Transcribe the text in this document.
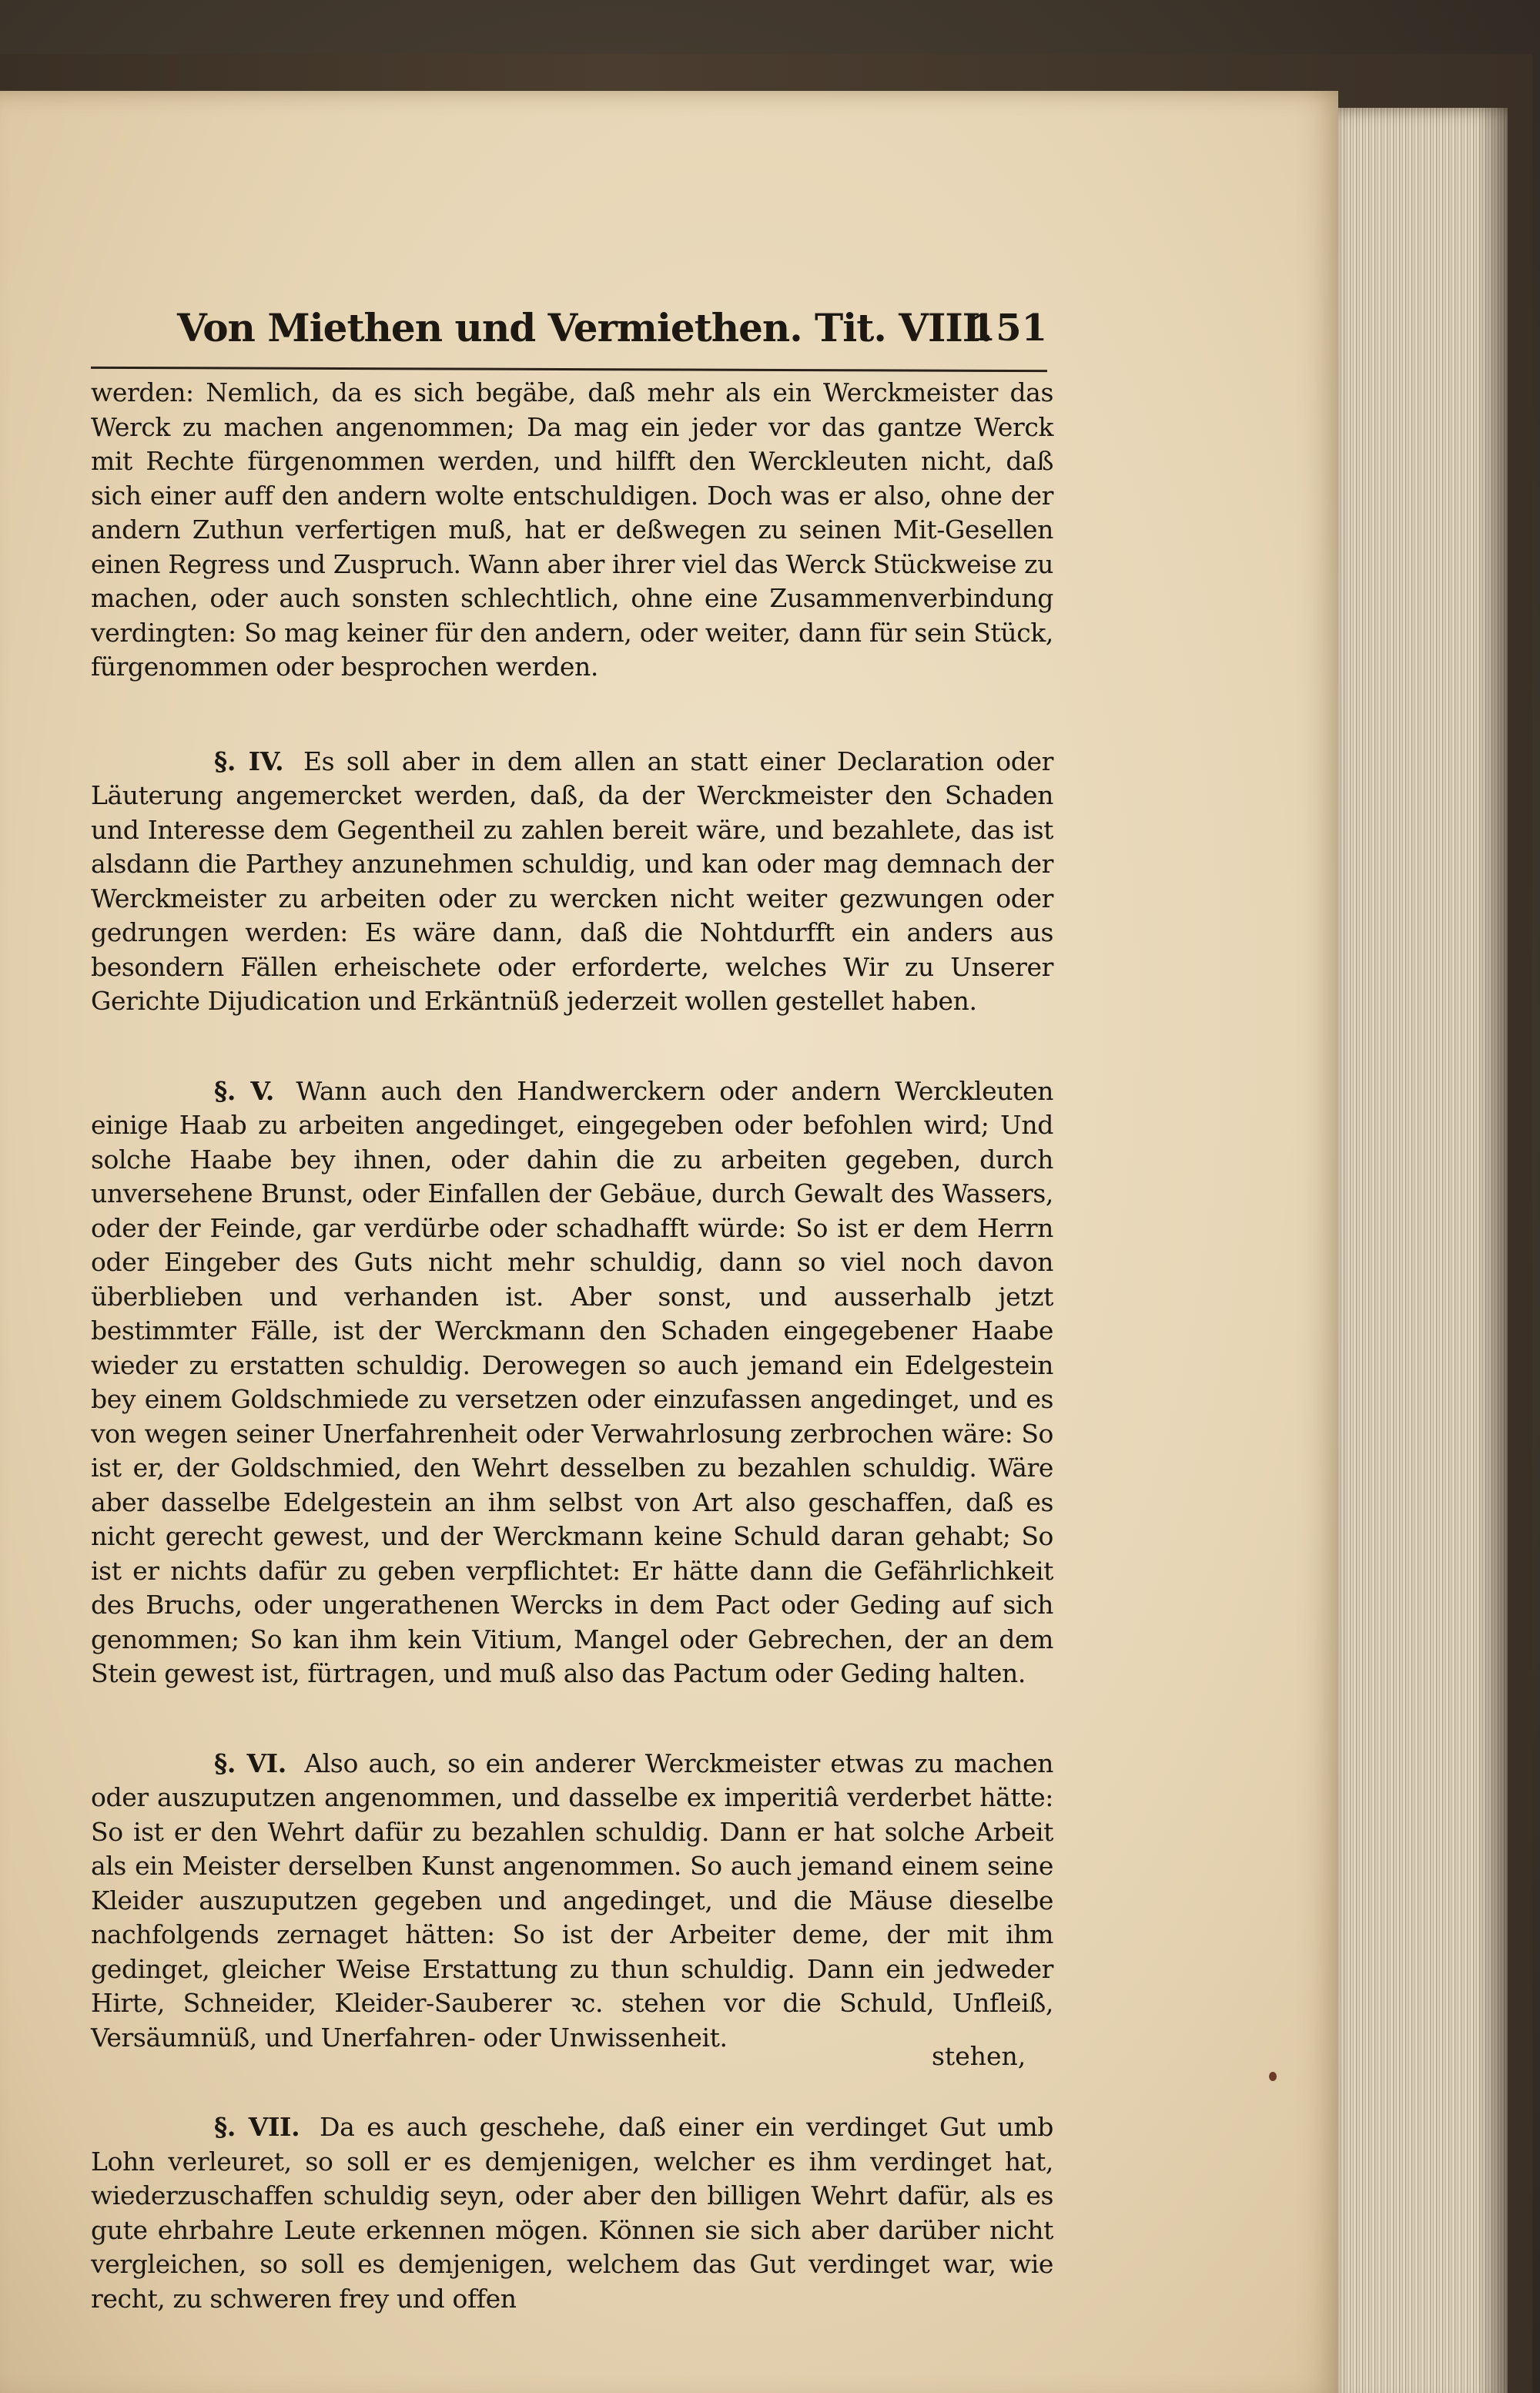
Von Miethen und Vermiethen. Tit. VIII.
151

werden: Nemlich, da es sich begäbe, daß mehr als ein Werckmeister das Werck zu machen angenommen; Da mag ein jeder vor das gantze Werck mit Rechte fürgenommen werden, und hilfft den Werckleuten nicht, daß sich einer auff den andern wolte entschuldigen. Doch was er also, ohne der andern Zuthun verfertigen muß, hat er deßwegen zu seinen Mit-Gesellen einen Regress und Zuspruch. Wann aber ihrer viel das Werck Stückweise zu machen, oder auch sonsten schlechtlich, ohne eine Zusammenverbindung verdingten: So mag keiner für den andern, oder weiter, dann für sein Stück, fürgenommen oder besprochen werden.

§. IV. Es soll aber in dem allen an statt einer Declaration oder Läuterung angemercket werden, daß, da der Werckmeister den Schaden und Interesse dem Gegentheil zu zahlen bereit wäre, und bezahlete, das ist alsdann die Parthey anzunehmen schuldig, und kan oder mag demnach der Werckmeister zu arbeiten oder zu wercken nicht weiter gezwungen oder gedrungen werden: Es wäre dann, daß die Nohtdurfft ein anders aus besondern Fällen erheischete oder erforderte, welches Wir zu Unserer Gerichte Dijudication und Erkäntnüß jederzeit wollen gestellet haben.

§. V. Wann auch den Handwerckern oder andern Werckleuten einige Haab zu arbeiten angedinget, eingegeben oder befohlen wird; Und solche Haabe bey ihnen, oder dahin die zu arbeiten gegeben, durch unversehene Brunst, oder Einfallen der Gebäue, durch Gewalt des Wassers, oder der Feinde, gar verdürbe oder schadhafft würde: So ist er dem Herrn oder Eingeber des Guts nicht mehr schuldig, dann so viel noch davon überblieben und verhanden ist. Aber sonst, und ausserhalb jetzt bestimmter Fälle, ist der Werckmann den Schaden eingegebener Haabe wieder zu erstatten schuldig. Derowegen so auch jemand ein Edelgestein bey einem Goldschmiede zu versetzen oder einzufassen angedinget, und es von wegen seiner Unerfahrenheit oder Verwahrlosung zerbrochen wäre: So ist er, der Goldschmied, den Wehrt desselben zu bezahlen schuldig. Wäre aber dasselbe Edelgestein an ihm selbst von Art also geschaffen, daß es nicht gerecht gewest, und der Werckmann keine Schuld daran gehabt; So ist er nichts dafür zu geben verpflichtet: Er hätte dann die Gefährlichkeit des Bruchs, oder ungerathenen Wercks in dem Pact oder Geding auf sich genommen; So kan ihm kein Vitium, Mangel oder Gebrechen, der an dem Stein gewest ist, fürtragen, und muß also das Pactum oder Geding halten.

§. VI. Also auch, so ein anderer Werckmeister etwas zu machen oder auszuputzen angenommen, und dasselbe ex imperitiâ verderbet hätte: So ist er den Wehrt dafür zu bezahlen schuldig. Dann er hat solche Arbeit als ein Meister derselben Kunst angenommen. So auch jemand einem seine Kleider auszuputzen gegeben und angedinget, und die Mäuse dieselbe nachfolgends zernaget hätten: So ist der Arbeiter deme, der mit ihm gedinget, gleicher Weise Erstattung zu thun schuldig. Dann ein jedweder Hirte, Schneider, Kleider-Sauberer ꝛc. stehen vor die Schuld, Unfleiß, Versäumnüß, und Unerfahren- oder Unwissenheit.

§. VII. Da es auch geschehe, daß einer ein verdinget Gut umb Lohn verleuret, so soll er es demjenigen, welcher es ihm verdinget hat, wiederzuschaffen schuldig seyn, oder aber den billigen Wehrt dafür, als es gute ehrbahre Leute erkennen mögen. Können sie sich aber darüber nicht vergleichen, so soll es demjenigen, welchem das Gut verdinget war, wie recht, zu schweren frey und offen

stehen,
